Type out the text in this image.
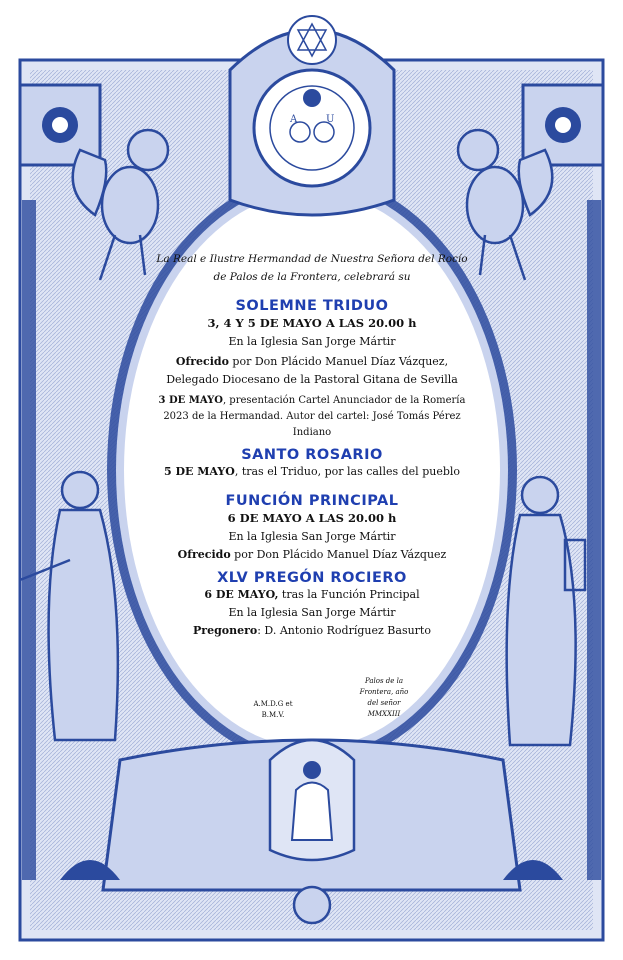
A	U

La Real e Ilustre Hermandad de Nuestra Señora del Rocío

de Palos de la Frontera, celebrará su

SOLEMNE TRIDUO

3, 4 Y 5 DE MAYO A LAS 20.00 h

En la Iglesia San Jorge Mártir

Ofrecido por Don Plácido Manuel Díaz Vázquez,

Delegado Diocesano de la Pastoral Gitana de Sevilla

3 DE MAYO, presentación Cartel Anunciador de la Romería

2023 de la Hermandad. Autor del cartel: José Tomás Pérez Indiano

SANTO ROSARIO

5 DE MAYO, tras el Triduo, por las calles del pueblo

FUNCIÓN PRINCIPAL

6 DE MAYO A LAS 20.00 h

En la Iglesia San Jorge Mártir

Ofrecido por Don Plácido Manuel Díaz Vázquez

XLV PREGÓN ROCIERO

6 DE MAYO, tras la Función Principal

En la Iglesia San Jorge Mártir

Pregonero: D. Antonio Rodríguez Basurto

A.M.D.G et
B.M.V.
Palos de la
Frontera, año
del señor
MMXXIII
